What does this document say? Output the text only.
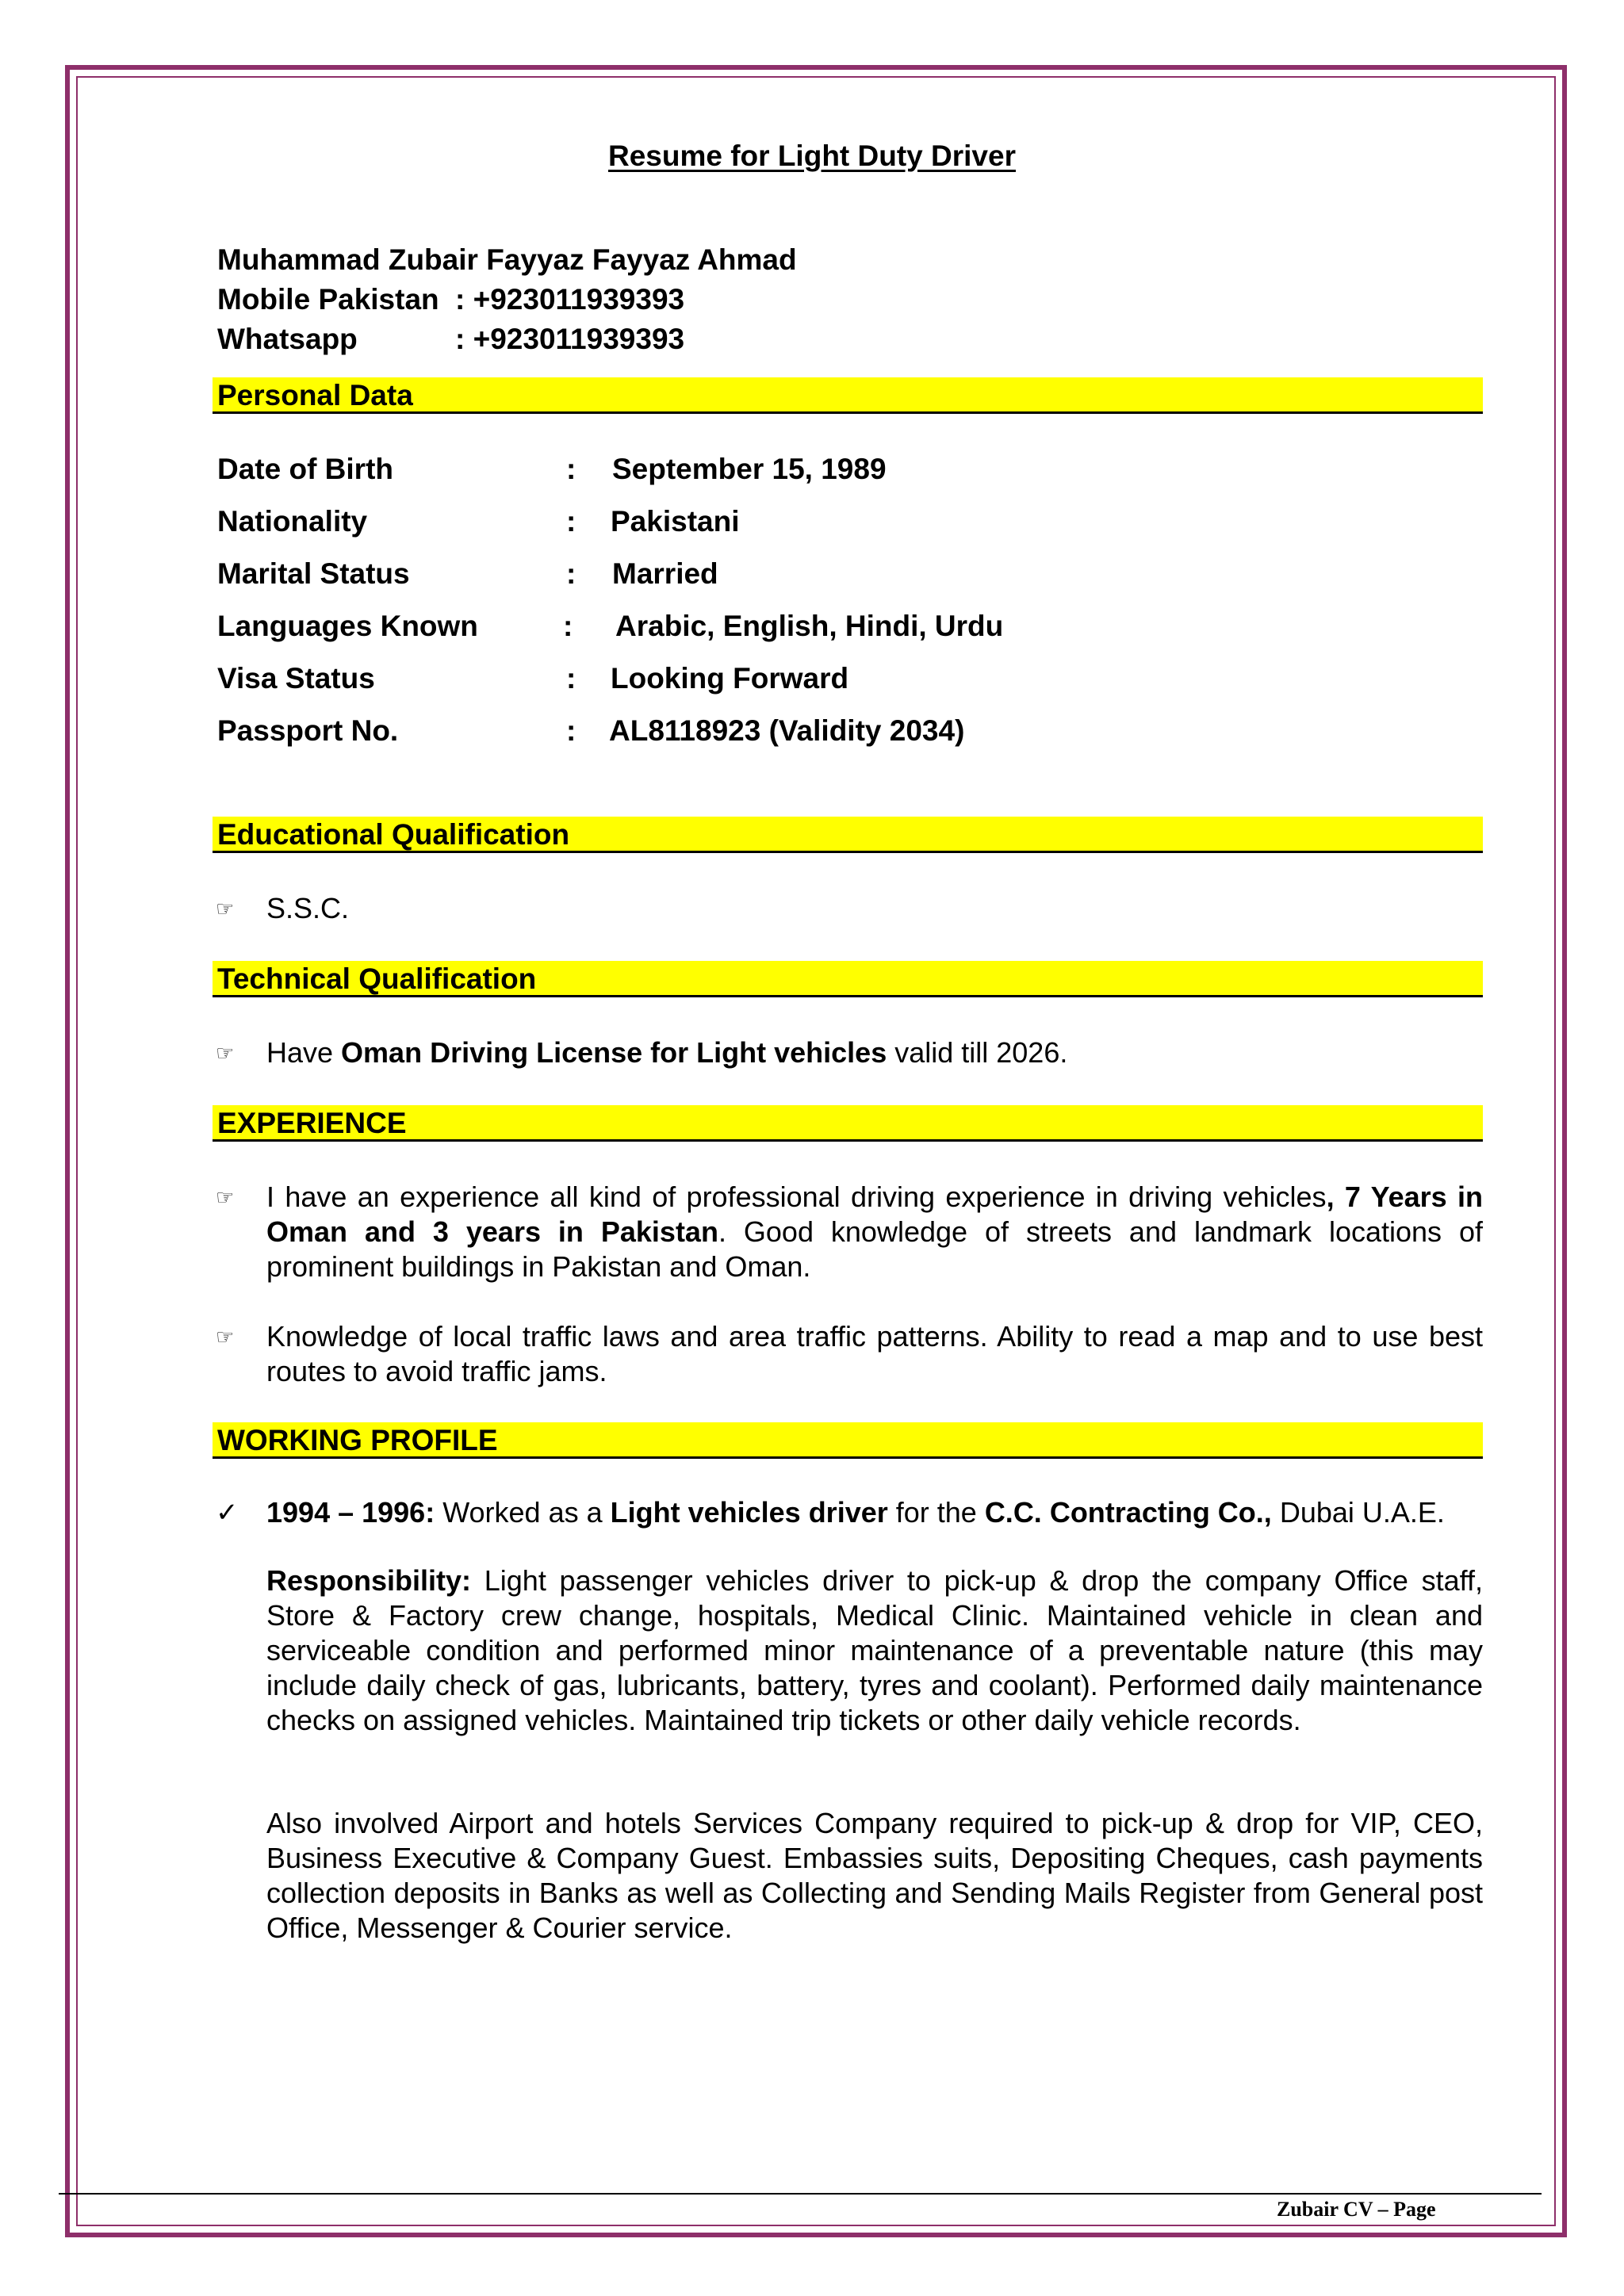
Resume for Light Duty Driver
Muhammad Zubair Fayyaz Fayyaz Ahmad
Mobile Pakistan : +923011939393
Whatsapp	: +923011939393
Personal Data
Date of Birth	: September 15, 1989
Nationality	: Pakistani
Marital Status	: Married
Languages Known	: Arabic, English, Hindi, Urdu
Visa Status	: Looking Forward
Passport No.	: AL8118923 (Validity 2034)
Educational Qualification
☞ S.S.C.
Technical Qualification
☞ Have Oman Driving License for Light vehicles valid till 2026.
EXPERIENCE
☞ I have an experience all kind of professional driving experience in driving vehicles, 7 Years in Oman and 3 years in Pakistan. Good knowledge of streets and landmark locations of prominent buildings in Pakistan and Oman.
☞ Knowledge of local traffic laws and area traffic patterns. Ability to read a map and to use best routes to avoid traffic jams.
WORKING PROFILE
✓ 1994 – 1996: Worked as a Light vehicles driver for the C.C. Contracting Co., Dubai U.A.E.
Responsibility: Light passenger vehicles driver to pick-up & drop the company Office staff, Store & Factory crew change, hospitals, Medical Clinic. Maintained vehicle in clean and serviceable condition and performed minor maintenance of a preventable nature (this may include daily check of gas, lubricants, battery, tyres and coolant). Performed daily maintenance checks on assigned vehicles. Maintained trip tickets or other daily vehicle records.
Also involved Airport and hotels Services Company required to pick-up & drop for VIP, CEO, Business Executive & Company Guest. Embassies suits, Depositing Cheques, cash payments collection deposits in Banks as well as Collecting and Sending Mails Register from General post Office, Messenger & Courier service.
Zubair CV – Page
